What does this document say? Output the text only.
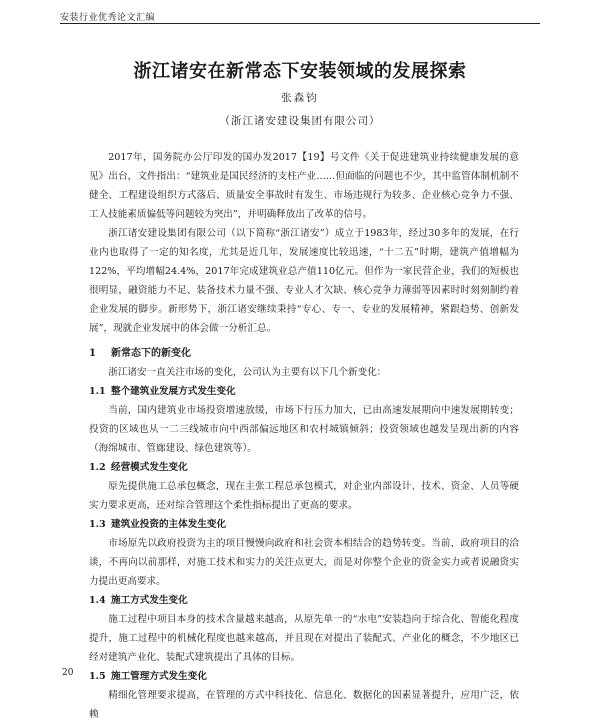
安装行业优秀论文汇编
浙江诸安在新常态下安装领域的发展探索
张森钧
（浙江诸安建设集团有限公司）

2017年，国务院办公厅印发的国办发2017【19】号文件《关于促进建筑业持续健康发展的意见》出台，文件指出：“建筑业是国民经济的支柱产业……但面临的问题也不少，其中监管体制机制不健全、工程建设组织方式落后、质量安全事故时有发生、市场违规行为较多、企业核心竞争力不强、工人技能素质偏低等问题较为突出”，并明确释放出了改革的信号。

浙江诸安建设集团有限公司（以下简称“浙江诸安”）成立于1983年，经过30多年的发展，在行业内也取得了一定的知名度，尤其是近几年，发展速度比较迅速，“十二五”时期，建筑产值增幅为122%，平均增幅24.4%，2017年完成建筑业总产值110亿元。但作为一家民营企业，我们的短板也很明显，融资能力不足、装备技术力量不强、专业人才欠缺、核心竞争力薄弱等因素时时刻刻制约着企业发展的脚步。新形势下，浙江诸安继续秉持“专心、专一、专业的发展精神，紧跟趋势、创新发展”，现就企业发展中的体会做一分析汇总。

1 新常态下的新变化

浙江诸安一直关注市场的变化，公司认为主要有以下几个新变化：

1.1 整个建筑业发展方式发生变化

当前，国内建筑业市场投资增速放缓，市场下行压力加大，已由高速发展期向中速发展期转变；投资的区域也从一二三线城市向中西部偏远地区和农村城镇倾斜；投资领域也越发呈现出新的内容（海绵城市、管廊建设、绿色建筑等）。

1.2 经营模式发生变化

原先提供施工总承包概念，现在主张工程总承包模式，对企业内部设计、技术、资金、人员等硬实力要求更高，还对综合管理这个柔性指标提出了更高的要求。

1.3 建筑业投资的主体发生变化

市场原先以政府投资为主的项目慢慢向政府和社会资本相结合的趋势转变。当前，政府项目的洽谈，不再向以前那样，对施工技术和实力的关注点更大，而是对你整个企业的资金实力或者说融资实力提出更高要求。

1.4 施工方式发生变化

施工过程中项目本身的技术含量越来越高，从原先单一的“水电”安装趋向于综合化、智能化程度提升，施工过程中的机械化程度也越来越高，并且现在对提出了装配式、产业化的概念，不少地区已经对建筑产业化、装配式建筑提出了具体的目标。

1.5 施工管理方式发生变化

精细化管理要求提高，在管理的方式中科技化、信息化、数据化的因素显著提升，应用广泛，依赖

20
